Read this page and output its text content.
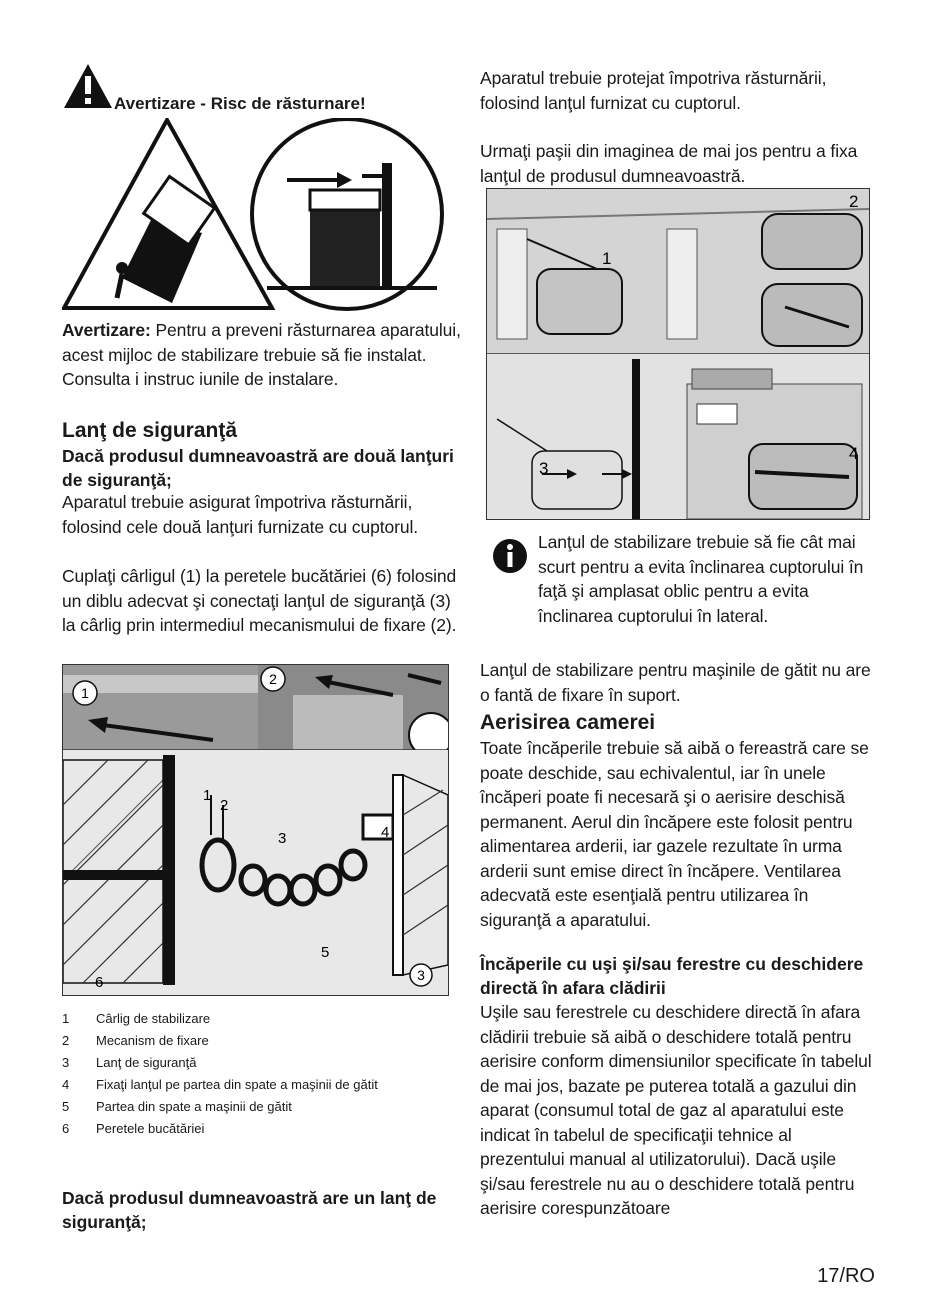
Avertizare - Risc de răsturnare!
Avertizare: Pentru a preveni răsturnarea aparatului, acest mijloc de stabilizare trebuie să fie instalat. Consulta i instruc iunile de instalare.
Lanţ de siguranţă
Dacă produsul dumneavoastră are două lanţuri de siguranţă;
Aparatul trebuie asigurat împotriva răsturnării, folosind cele două lanţuri furnizate cu cuptorul.
Cuplaţi cârligul (1) la peretele bucătăriei (6) folosind un diblu adecvat şi conectaţi lanţul de siguranţă (3) la cârlig prin intermediul mecanismului de fixare (2).
1
2
1
2
3	4
5
6	3
1 Cârlig de stabilizare
2 Mecanism de fixare
3 Lanţ de siguranţă
4 Fixaţi lanţul pe partea din spate a maşinii de gătit
5 Partea din spate a maşinii de gătit
6 Peretele bucătăriei
Dacă produsul dumneavoastră are un lanţ de siguranţă;
Aparatul trebuie protejat împotriva răsturnării, folosind lanţul furnizat cu cuptorul.
Urmaţi paşii din imaginea de mai jos pentru a fixa lanţul de produsul dumneavoastră.
1
2
3
4
Lanţul de stabilizare trebuie să fie cât mai scurt pentru a evita înclinarea cuptorului în faţă şi amplasat oblic pentru a evita înclinarea cuptorului în lateral.
Lanţul de stabilizare pentru maşinile de gătit nu are o fantă de fixare în suport.
Aerisirea camerei
Toate încăperile trebuie să aibă o fereastră care se poate deschide, sau echivalentul, iar în unele încăperi poate fi necesară şi o aerisire deschisă permanent. Aerul din încăpere este folosit pentru alimentarea arderii, iar gazele rezultate în urma arderii sunt emise direct în încăpere. Ventilarea adecvată este esenţială pentru utilizarea în siguranţă a aparatului.
Încăperile cu uşi şi/sau ferestre cu deschidere directă în afara clădirii
Uşile sau ferestrele cu deschidere directă în afara clădirii trebuie să aibă o deschidere totală pentru aerisire conform dimensiunilor specificate în tabelul de mai jos, bazate pe puterea totală a gazului din aparat (consumul total de gaz al aparatului este indicat în tabelul de specificaţii tehnice al prezentului manual al utilizatorului). Dacă uşile şi/sau ferestrele nu au o deschidere totală pentru aerisire corespunzătoare
17/RO
